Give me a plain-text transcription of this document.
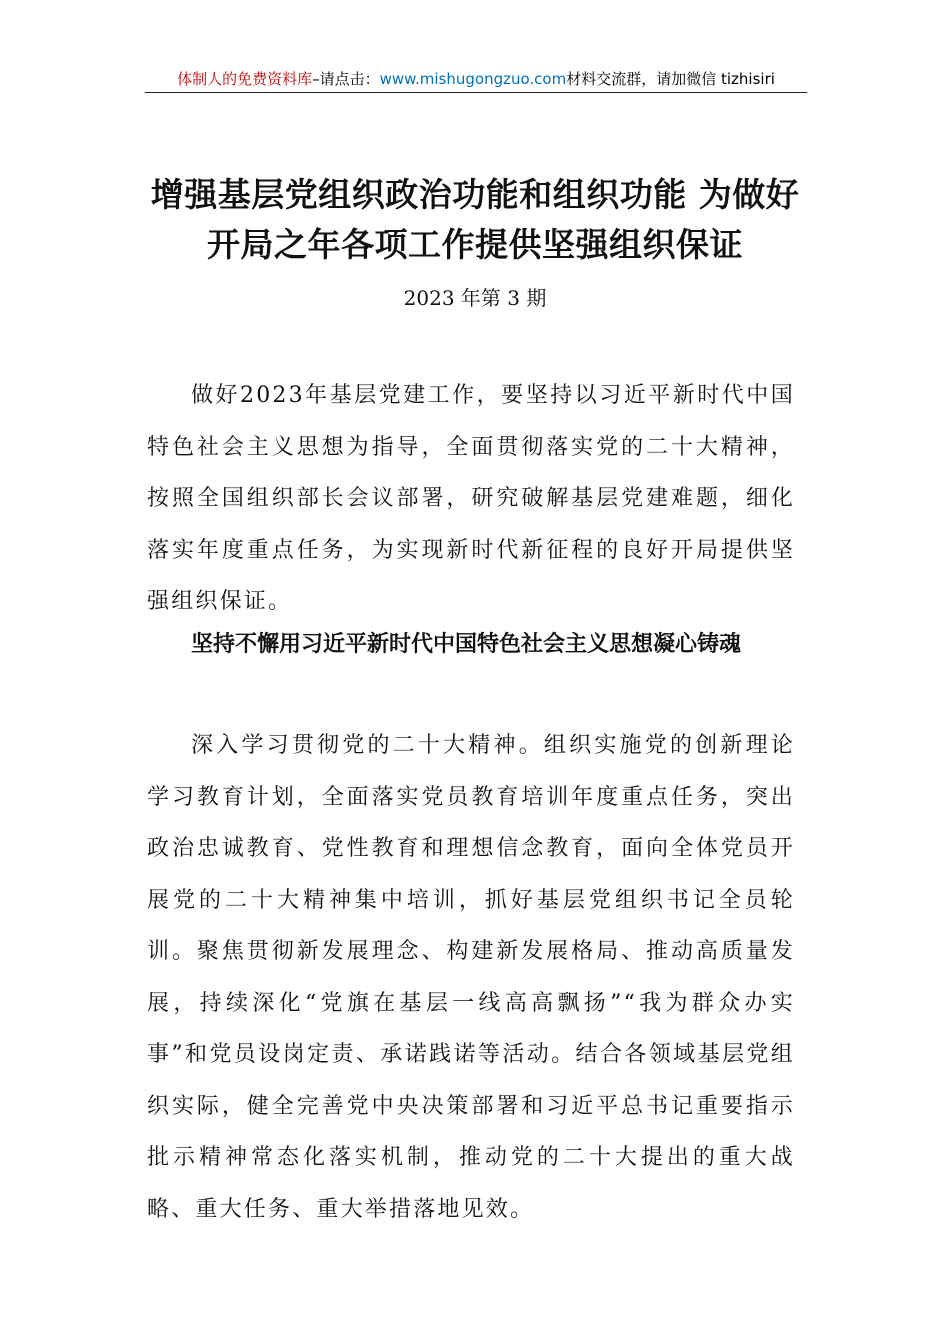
体制人的免费资料库–请点击：www.mishugongzuo.com材料交流群，请加微信 tizhisiri
增强基层党组织政治功能和组织功能 为做好开局之年各项工作提供坚强组织保证
2023 年第 3 期
做好2023年基层党建工作，要坚持以习近平新时代中国特色社会主义思想为指导，全面贯彻落实党的二十大精神，按照全国组织部长会议部署，研究破解基层党建难题，细化落实年度重点任务，为实现新时代新征程的良好开局提供坚强组织保证。
坚持不懈用习近平新时代中国特色社会主义思想凝心铸魂
深入学习贯彻党的二十大精神。组织实施党的创新理论学习教育计划，全面落实党员教育培训年度重点任务，突出政治忠诚教育、党性教育和理想信念教育，面向全体党员开展党的二十大精神集中培训，抓好基层党组织书记全员轮训。聚焦贯彻新发展理念、构建新发展格局、推动高质量发展，持续深化“党旗在基层一线高高飘扬”“我为群众办实事”和党员设岗定责、承诺践诺等活动。结合各领域基层党组织实际，健全完善党中央决策部署和习近平总书记重要指示批示精神常态化落实机制，推动党的二十大提出的重大战略、重大任务、重大举措落地见效。
